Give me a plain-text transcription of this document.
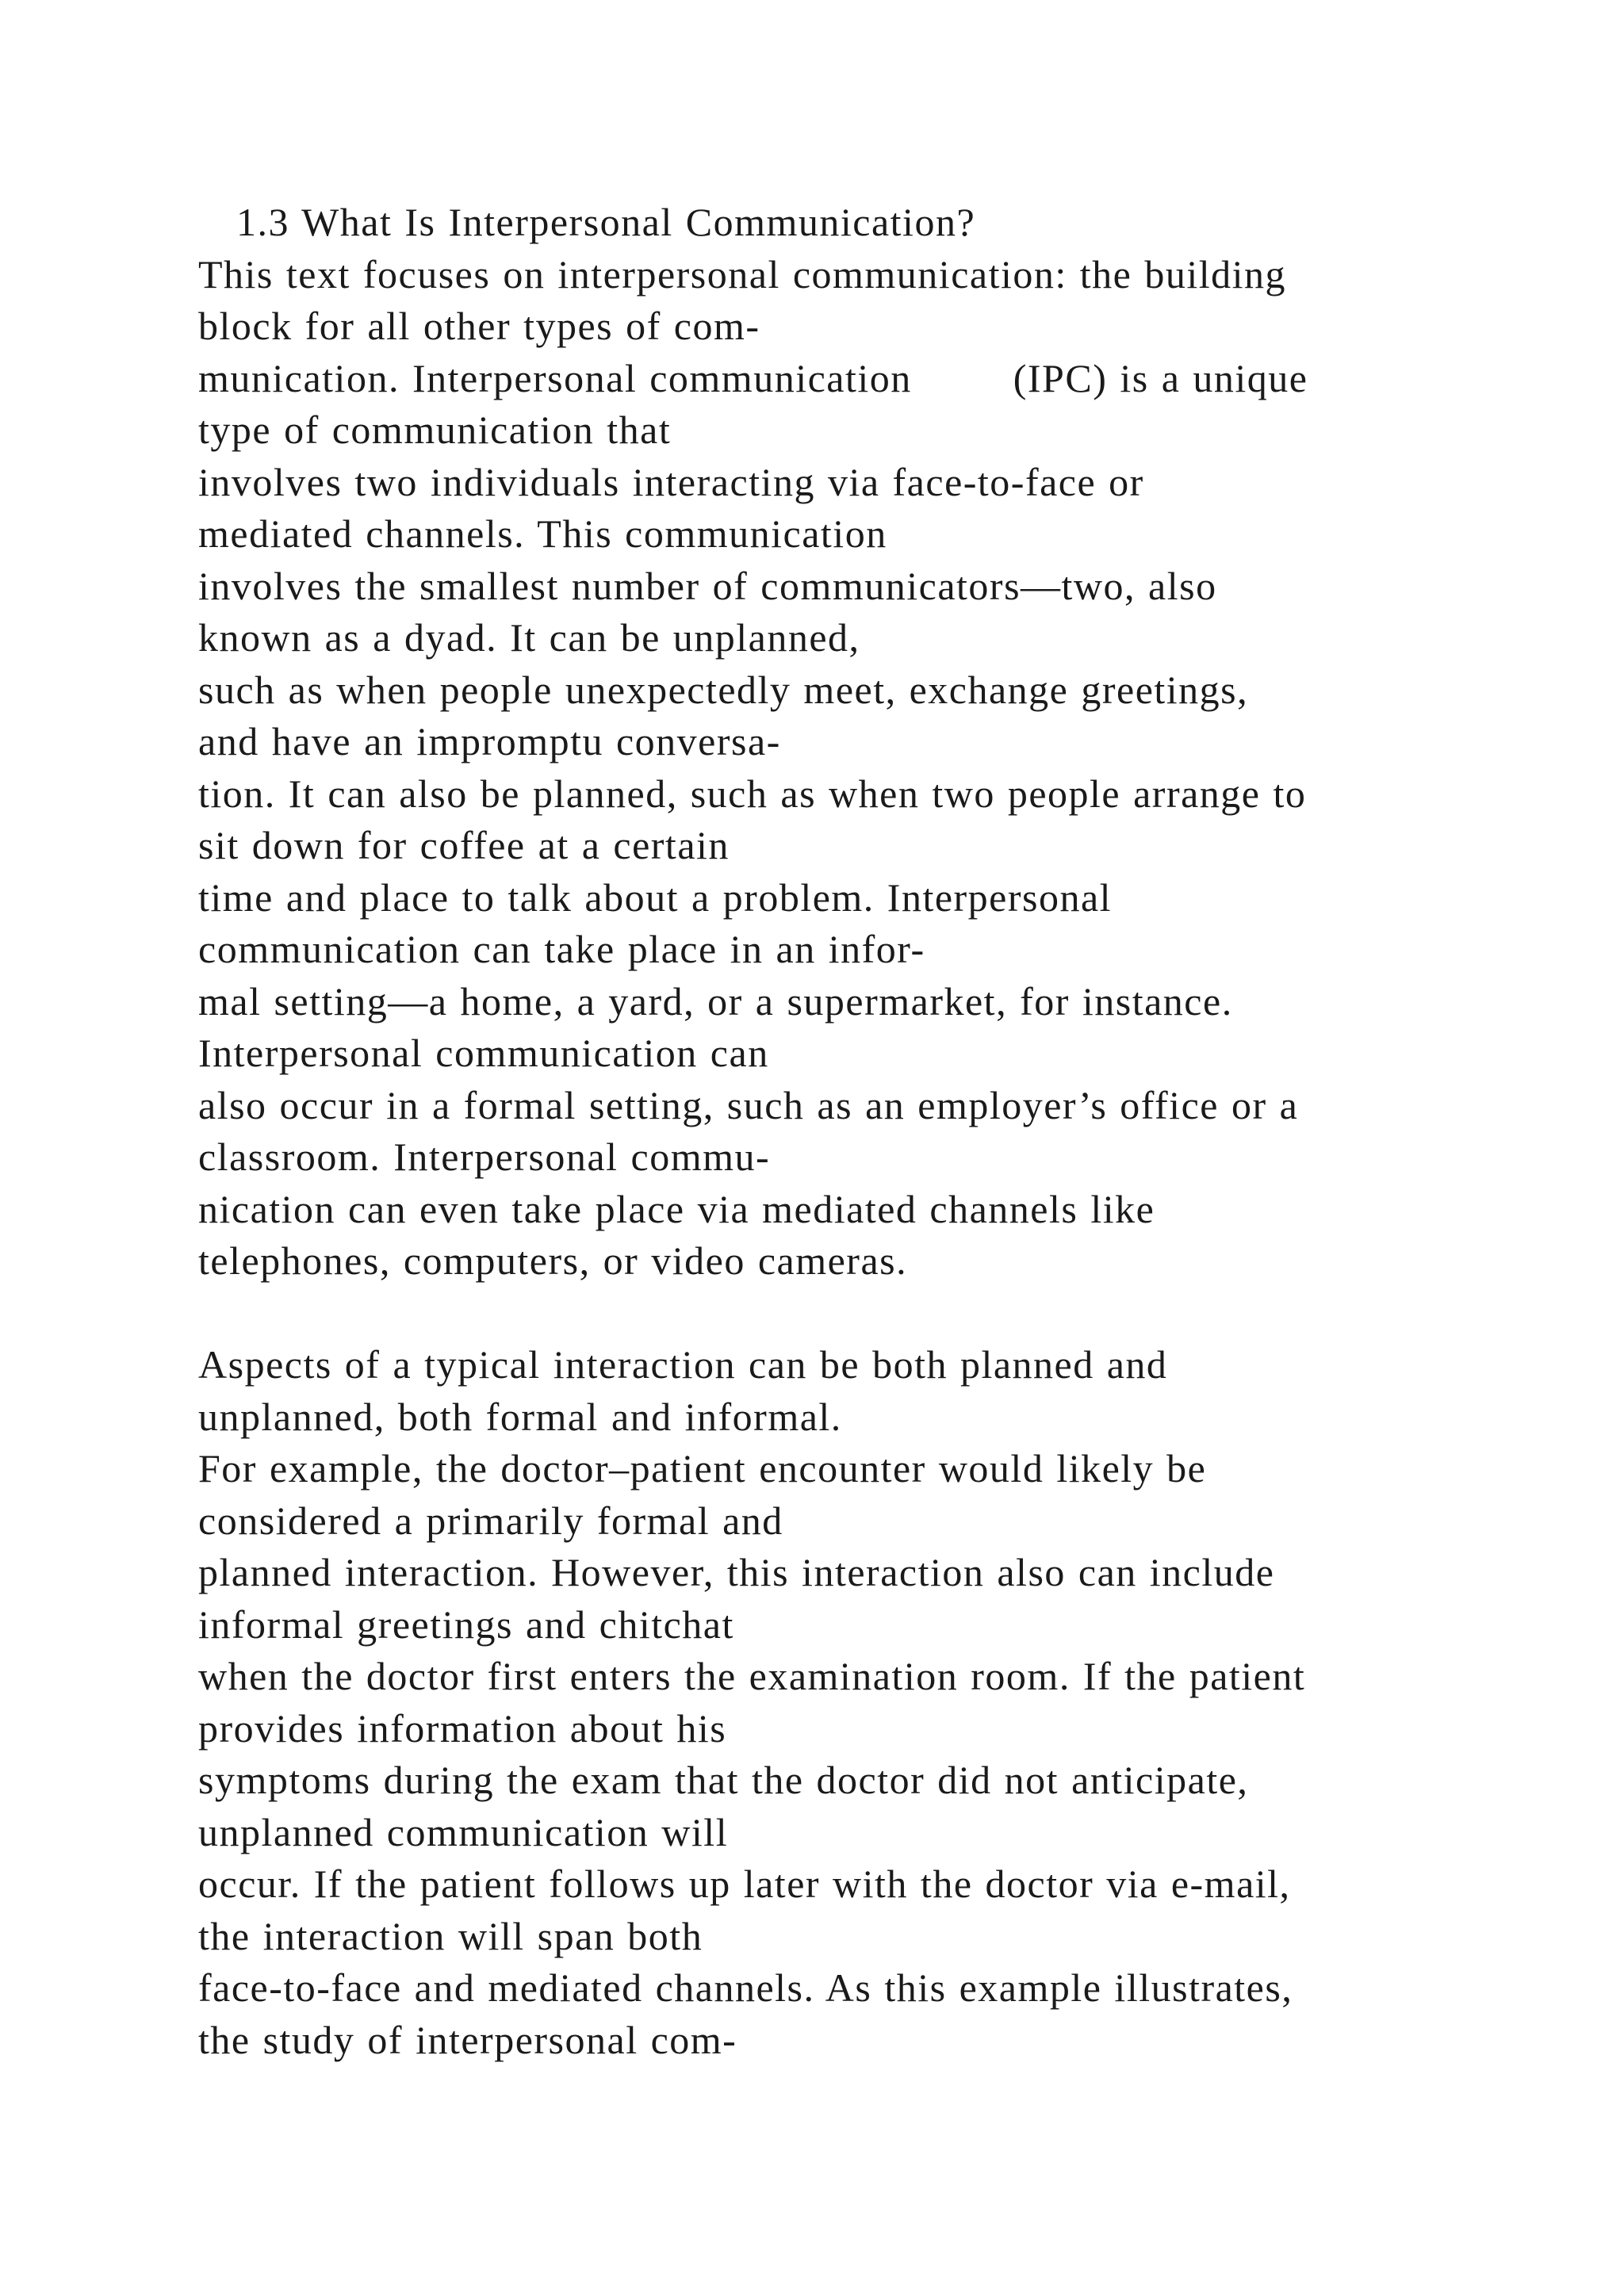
1.3 What Is Interpersonal Communication?
This text focuses on interpersonal communication: the building
block for all other types of com-
munication. Interpersonal communication        (IPC) is a unique
type of communication that
involves two individuals interacting via face-to-face or
mediated channels. This communication
involves the smallest number of communicators—two, also
known as a dyad. It can be unplanned,
such as when people unexpectedly meet, exchange greetings,
and have an impromptu conversa-
tion. It can also be planned, such as when two people arrange to
sit down for coffee at a certain
time and place to talk about a problem. Interpersonal
communication can take place in an infor-
mal setting—a home, a yard, or a supermarket, for instance.
Interpersonal communication can
also occur in a formal setting, such as an employer’s office or a
classroom. Interpersonal commu-
nication can even take place via mediated channels like
telephones, computers, or video cameras.
Aspects of a typical interaction can be both planned and
unplanned, both formal and informal.
For example, the doctor–patient encounter would likely be
considered a primarily formal and
planned interaction. However, this interaction also can include
informal greetings and chitchat
when the doctor first enters the examination room. If the patient
provides information about his
symptoms during the exam that the doctor did not anticipate,
unplanned communication will
occur. If the patient follows up later with the doctor via e-mail,
the interaction will span both
face-to-face and mediated channels. As this example illustrates,
the study of interpersonal com-
